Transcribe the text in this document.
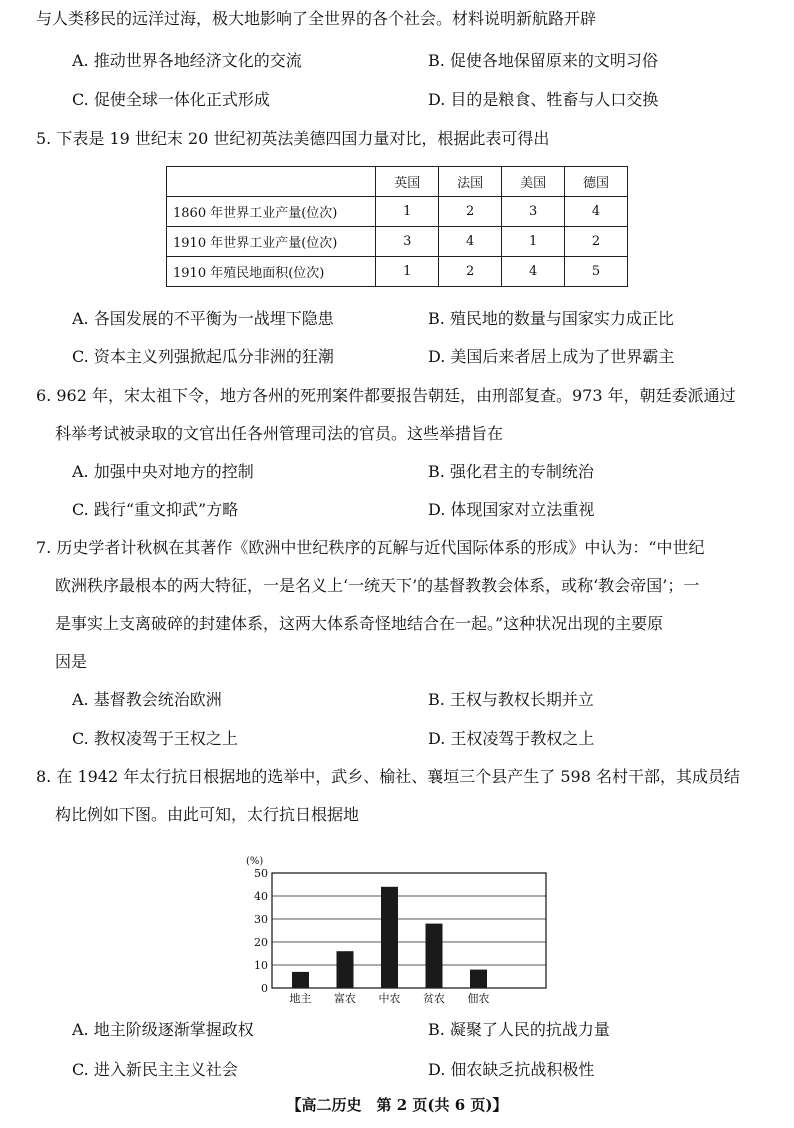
与人类移民的远洋过海，极大地影响了全世界的各个社会。材料说明新航路开辟
A. 推动世界各地经济文化的交流	B. 促使各地保留原来的文明习俗
C. 促使全球一体化正式形成	D. 目的是粮食、牲畜与人口交换
5. 下表是 19 世纪末 20 世纪初英法美德四国力量对比，根据此表可得出
	英国	法国	美国	德国
1860 年世界工业产量(位次)	1	2	3	4
1910 年世界工业产量(位次)	3	4	1	2
1910 年殖民地面积(位次)	1	2	4	5
A. 各国发展的不平衡为一战埋下隐患	B. 殖民地的数量与国家实力成正比
C. 资本主义列强掀起瓜分非洲的狂潮	D. 美国后来者居上成为了世界霸主
6. 962 年，宋太祖下令，地方各州的死刑案件都要报告朝廷，由刑部复查。973 年，朝廷委派通过
科举考试被录取的文官出任各州管理司法的官员。这些举措旨在
A. 加强中央对地方的控制	B. 强化君主的专制统治
C. 践行“重文抑武”方略	D. 体现国家对立法重视
7. 历史学者计秋枫在其著作《欧洲中世纪秩序的瓦解与近代国际体系的形成》中认为：“中世纪
欧洲秩序最根本的两大特征，一是名义上‘一统天下’的基督教教会体系，或称‘教会帝国’；一
是事实上支离破碎的封建体系，这两大体系奇怪地结合在一起。”这种状况出现的主要原
因是
A. 基督教会统治欧洲	B. 王权与教权长期并立
C. 教权凌驾于王权之上	D. 王权凌驾于教权之上
8. 在 1942 年太行抗日根据地的选举中，武乡、榆社、襄垣三个县产生了 598 名村干部，其成员结
构比例如下图。由此可知，太行抗日根据地
0
10
20
30
40
50
(%)
地主 富农 中农 贫农 佃农
A. 地主阶级逐渐掌握政权	B. 凝聚了人民的抗战力量
C. 进入新民主主义社会	D. 佃农缺乏抗战积极性
【高二历史　第 2 页(共 6 页)】
